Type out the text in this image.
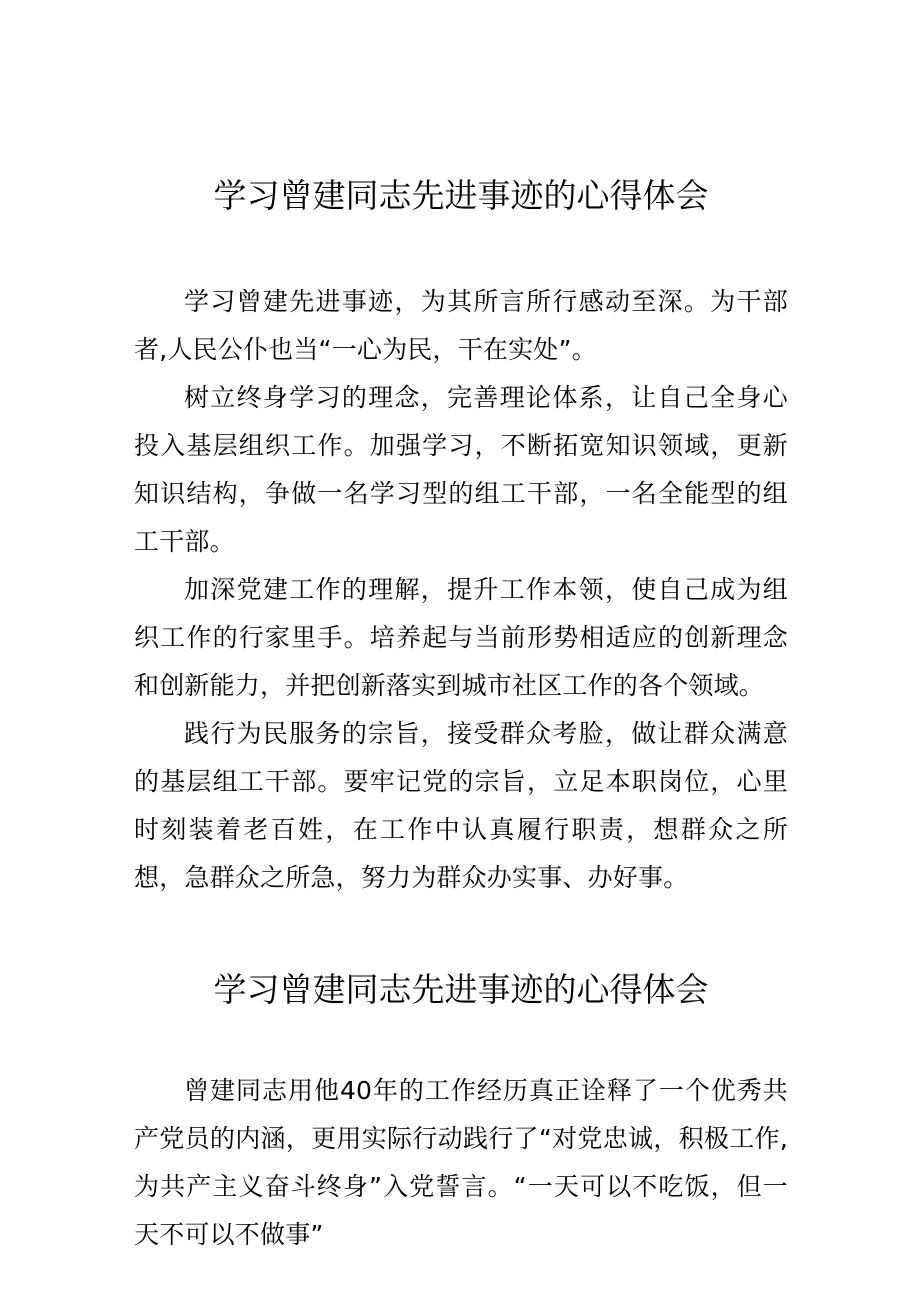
学习曾建同志先进事迹的心得体会

学习曾建先进事迹，为其所言所行感动至深。为干部者,人民公仆也当“一心为民，干在实处”。

树立终身学习的理念，完善理论体系，让自己全身心投入基层组织工作。加强学习，不断拓宽知识领域，更新知识结构，争做一名学习型的组工干部，一名全能型的组工干部。

加深党建工作的理解，提升工作本领，使自己成为组织工作的行家里手。培养起与当前形势相适应的创新理念和创新能力，并把创新落实到城市社区工作的各个领域。

践行为民服务的宗旨，接受群众考脸，做让群众满意的基层组工干部。要牢记党的宗旨，立足本职岗位，心里时刻装着老百姓，在工作中认真履行职责，想群众之所想，急群众之所急，努力为群众办实事、办好事。

学习曾建同志先进事迹的心得体会

曾建同志用他40年的工作经历真正诠释了一个优秀共产党员的内涵，更用实际行动践行了“对党忠诚，积极工作,为共产主义奋斗终身”入党誓言。“一天可以不吃饭，但一天不可以不做事”
